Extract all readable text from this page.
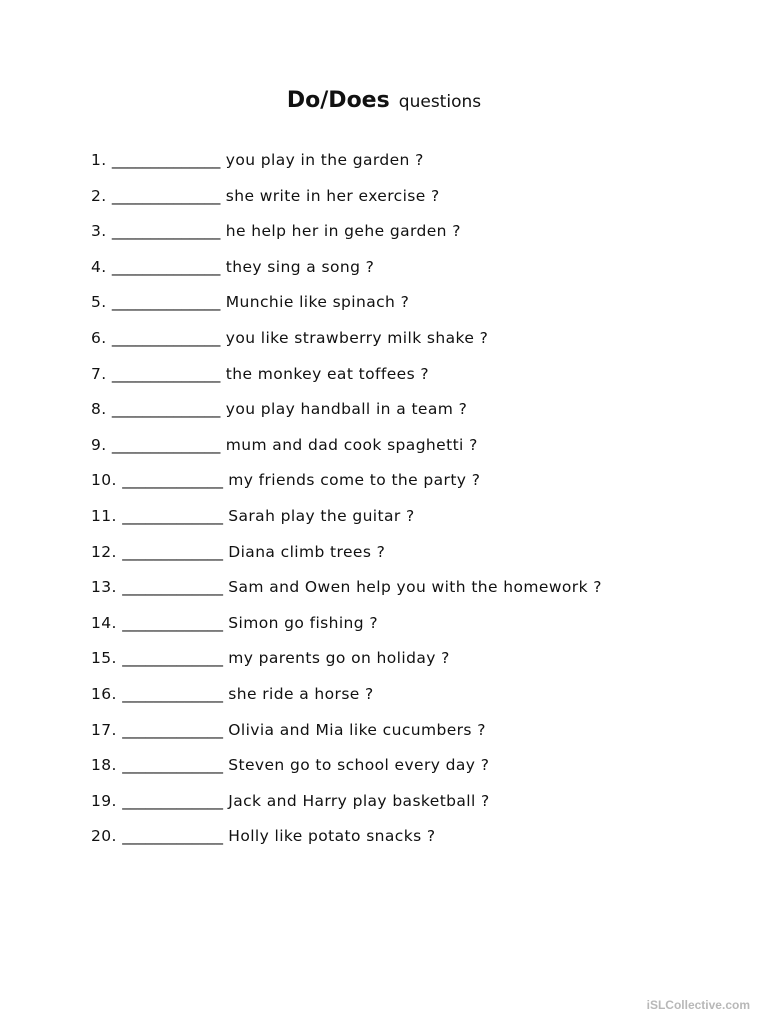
Do/Does questions
1. ______________ you play in the garden ?
2. ______________ she write in her exercise ?
3. ______________ he help her in gehe garden ?
4. ______________ they sing a song ?
5. ______________ Munchie like spinach ?
6. ______________ you like strawberry milk shake ?
7. ______________ the monkey eat toffees ?
8. ______________ you play handball in a team ?
9. ______________ mum and dad cook spaghetti ?
10. _____________ my friends come to the party ?
11. _____________ Sarah play the guitar ?
12. _____________ Diana climb trees ?
13. _____________ Sam and Owen help you with the homework ?
14. _____________ Simon go fishing ?
15. _____________ my parents go on holiday ?
16. _____________ she ride a horse ?
17. _____________ Olivia and Mia like cucumbers ?
18. _____________ Steven go to school every day ?
19. _____________ Jack and Harry play basketball ?
20. _____________ Holly like potato snacks ?
iSLCollective.com
